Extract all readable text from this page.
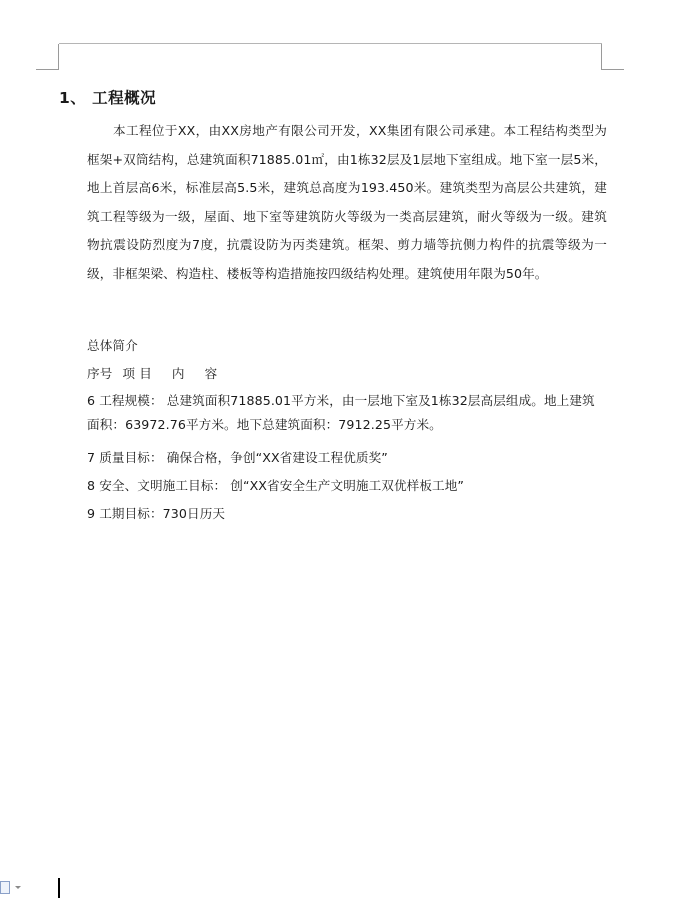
1、 工程概况
本工程位于XX，由XX房地产有限公司开发，XX集团有限公司承建。本工程结构类型为框架+双筒结构，总建筑面积71885.01㎡，由1栋32层及1层地下室组成。地下室一层5米，地上首层高6米，标准层高5.5米，建筑总高度为193.450米。建筑类型为高层公共建筑，建筑工程等级为一级，屋面、地下室等建筑防火等级为一类高层建筑，耐火等级为一级。建筑物抗震设防烈度为7度，抗震设防为丙类建筑。框架、剪力墙等抗侧力构件的抗震等级为一级，非框架梁、构造柱、楼板等构造措施按四级结构处理。建筑使用年限为50年。
总体简介
序号 项 目 内 容
6 工程规模： 总建筑面积71885.01平方米，由一层地下室及1栋32层高层组成。地上建筑面积：63972.76平方米。地下总建筑面积：7912.25平方米。
7 质量目标： 确保合格，争创“XX省建设工程优质奖”
8 安全、文明施工目标： 创“XX省安全生产文明施工双优样板工地”
9 工期目标：730日历天
